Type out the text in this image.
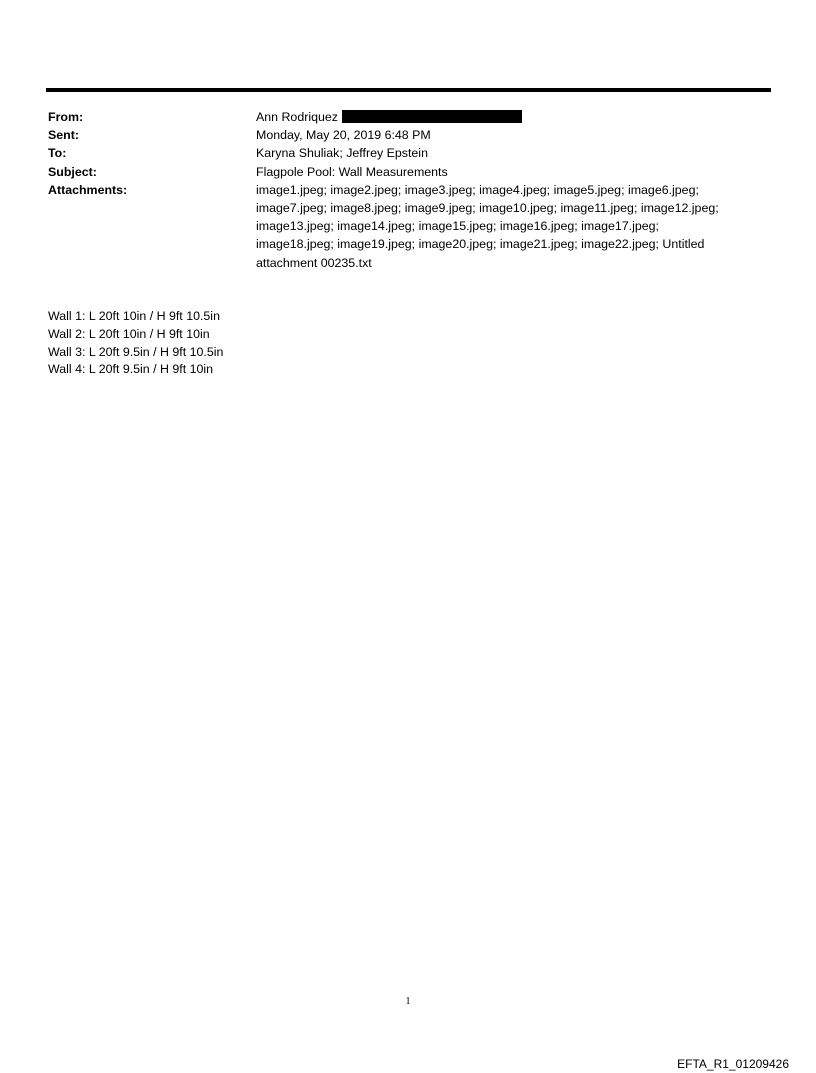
From:	Ann Rodriquez
Sent:	Monday, May 20, 2019 6:48 PM
To:	Karyna Shuliak; Jeffrey Epstein
Subject:	Flagpole Pool: Wall Measurements
Attachments:	image1.jpeg; image2.jpeg; image3.jpeg; image4.jpeg; image5.jpeg; image6.jpeg;
image7.jpeg; image8.jpeg; image9.jpeg; image10.jpeg; image11.jpeg; image12.jpeg;
image13.jpeg; image14.jpeg; image15.jpeg; image16.jpeg; image17.jpeg;
image18.jpeg; image19.jpeg; image20.jpeg; image21.jpeg; image22.jpeg; Untitled
attachment 00235.txt
Wall 1: L 20ft 10in / H 9ft 10.5in
Wall 2: L 20ft 10in / H 9ft 10in
Wall 3: L 20ft 9.5in / H 9ft 10.5in
Wall 4: L 20ft 9.5in / H 9ft 10in
1
EFTA_R1_01209426
